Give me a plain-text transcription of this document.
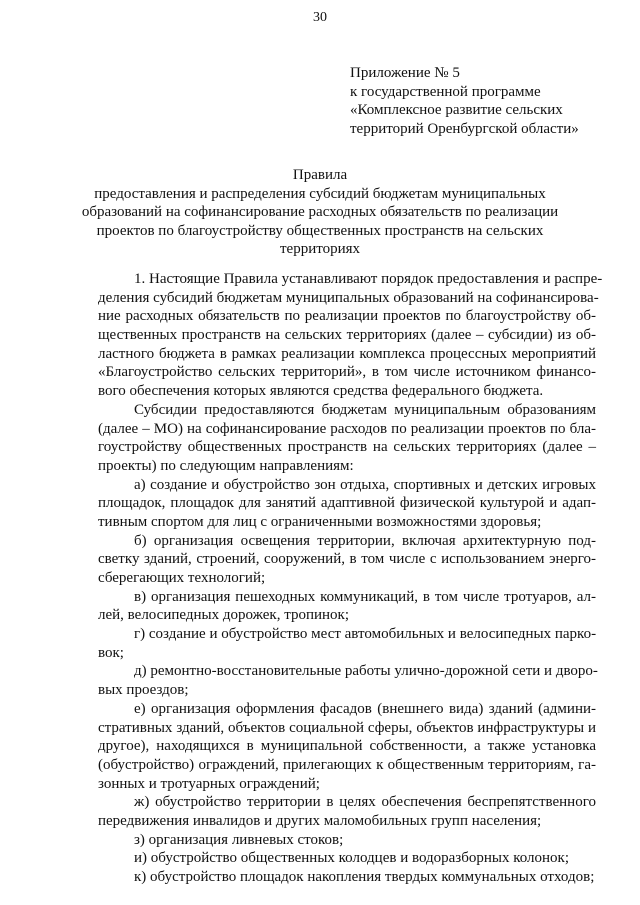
30
Приложение № 5
к государственной программе
«Комплексное развитие сельских
территорий Оренбургской области»
Правила
предоставления и распределения субсидий бюджетам муниципальных
образований на софинансирование расходных обязательств по реализации
проектов по благоустройству общественных пространств на сельских
территориях
1. Настоящие Правила устанавливают порядок предоставления и распре-
деления субсидий бюджетам муниципальных образований на софинансирова-
ние расходных обязательств по реализации проектов по благоустройству об-
щественных пространств на сельских территориях (далее – субсидии) из об-
ластного бюджета в рамках реализации комплекса процессных мероприятий
«Благоустройство сельских территорий», в том числе источником финансо-
вого обеспечения которых являются средства федерального бюджета.
Субсидии предоставляются бюджетам муниципальным образованиям
(далее – МО) на софинансирование расходов по реализации проектов по бла-
гоустройству общественных пространств на сельских территориях (далее –
проекты) по следующим направлениям:
а) создание и обустройство зон отдыха, спортивных и детских игровых
площадок, площадок для занятий адаптивной физической культурой и адап-
тивным спортом для лиц с ограниченными возможностями здоровья;
б) организация освещения территории, включая архитектурную под-
светку зданий, строений, сооружений, в том числе с использованием энерго-
сберегающих технологий;
в) организация пешеходных коммуникаций, в том числе тротуаров, ал-
лей, велосипедных дорожек, тропинок;
г) создание и обустройство мест автомобильных и велосипедных парко-
вок;
д) ремонтно-восстановительные работы улично-дорожной сети и дворо-
вых проездов;
е) организация оформления фасадов (внешнего вида) зданий (админи-
стративных зданий, объектов социальной сферы, объектов инфраструктуры и
другое), находящихся в муниципальной собственности, а также установка
(обустройство) ограждений, прилегающих к общественным территориям, га-
зонных и тротуарных ограждений;
ж) обустройство территории в целях обеспечения беспрепятственного
передвижения инвалидов и других маломобильных групп населения;
з) организация ливневых стоков;
и) обустройство общественных колодцев и водоразборных колонок;
к) обустройство площадок накопления твердых коммунальных отходов;
